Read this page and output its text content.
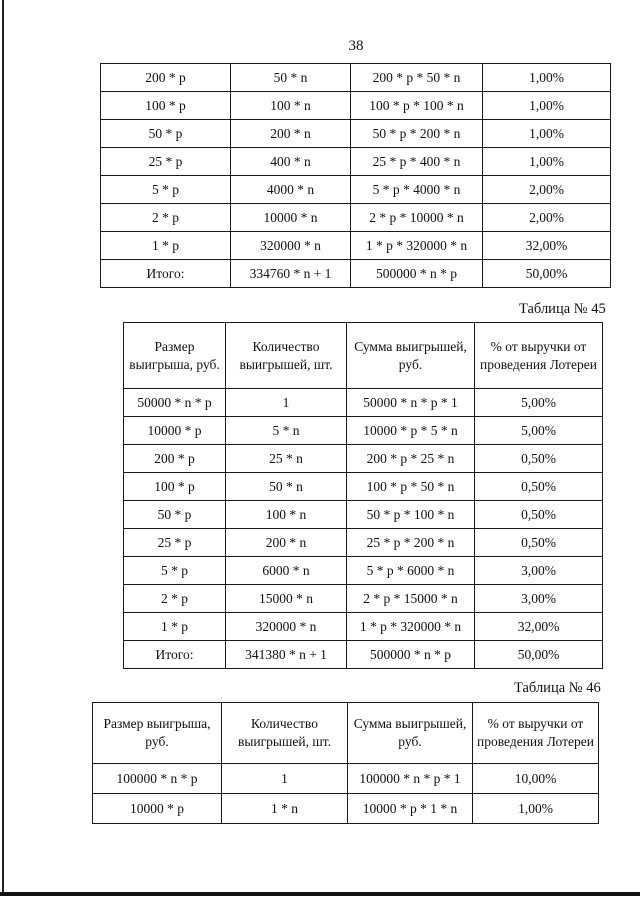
38
200 * p	50 * n	200 * p * 50 * n	1,00%
100 * p	100 * n	100 * p * 100 * n	1,00%
50 * p	200 * n	50 * p * 200 * n	1,00%
25 * p	400 * n	25 * p * 400 * n	1,00%
5 * p	4000 * n	5 * p * 4000 * n	2,00%
2 * p	10000 * n	2 * p * 10000 * n	2,00%
1 * p	320000 * n	1 * p * 320000 * n	32,00%
Итого:	334760 * n + 1	500000 * n * p	50,00%
Таблица № 45
Размер выигрыша, руб.	Количество выигрышей, шт.	Сумма выигрышей, руб.	% от выручки от проведения Лотереи
50000 * n * p	1	50000 * n * p * 1	5,00%
10000 * p	5 * n	10000 * p * 5 * n	5,00%
200 * p	25 * n	200 * p * 25 * n	0,50%
100 * p	50 * n	100 * p * 50 * n	0,50%
50 * p	100 * n	50 * p * 100 * n	0,50%
25 * p	200 * n	25 * p * 200 * n	0,50%
5 * p	6000 * n	5 * p * 6000 * n	3,00%
2 * p	15000 * n	2 * p * 15000 * n	3,00%
1 * p	320000 * n	1 * p * 320000 * n	32,00%
Итого:	341380 * n + 1	500000 * n * p	50,00%
Таблица № 46
Размер выигрыша, руб.	Количество выигрышей, шт.	Сумма выигрышей, руб.	% от выручки от проведения Лотереи
100000 * n * p	1	100000 * n * p * 1	10,00%
10000 * p	1 * n	10000 * p * 1 * n	1,00%
